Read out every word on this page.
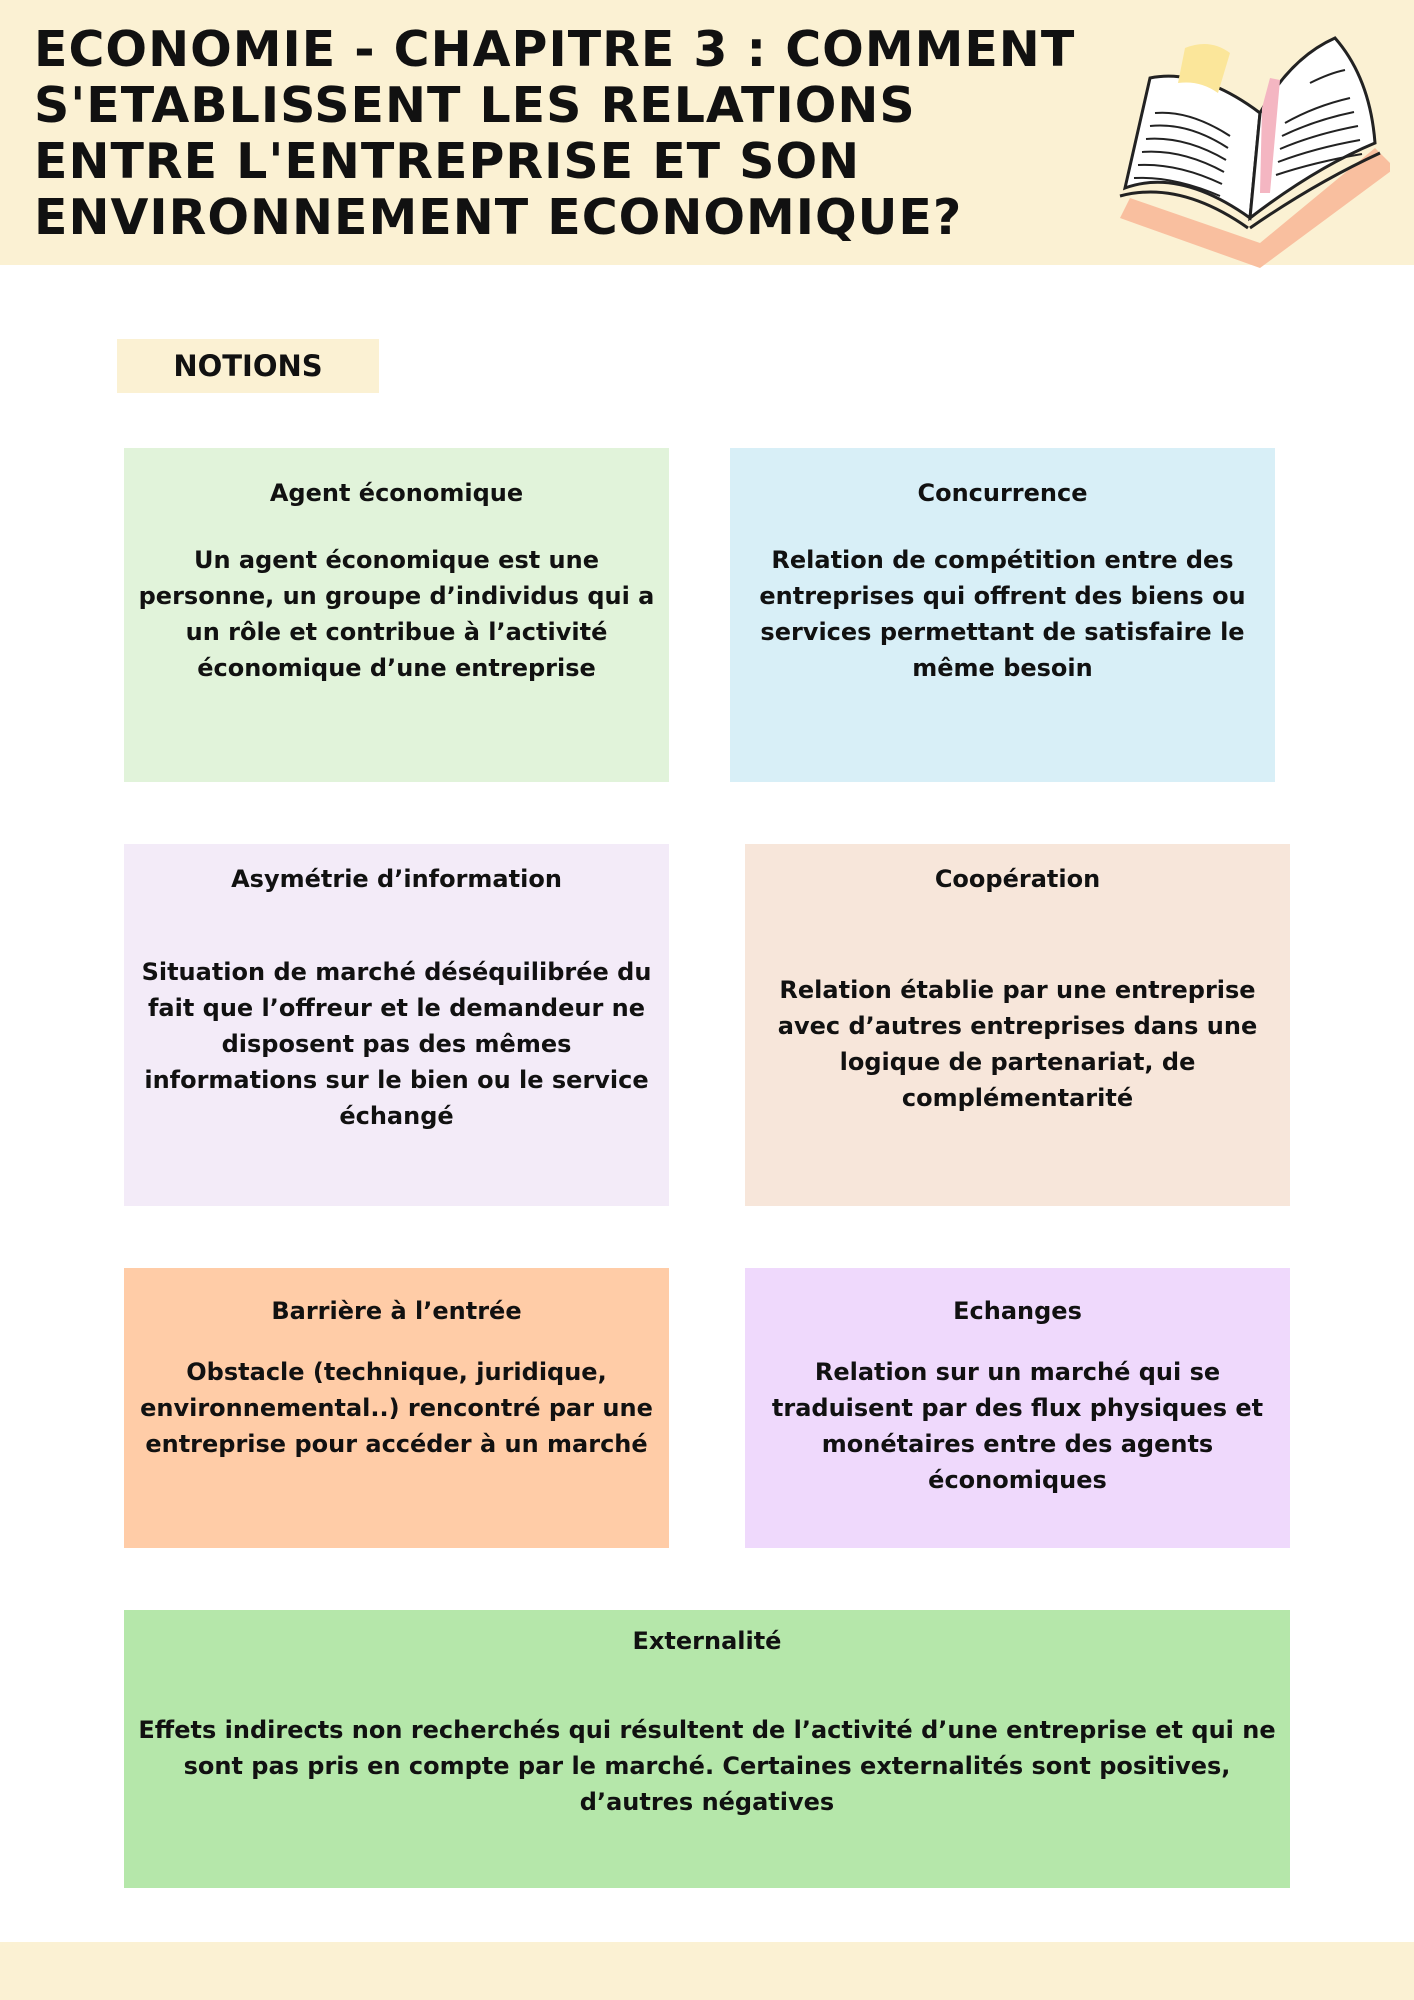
ECONOMIE - CHAPITRE 3 : COMMENT S'ETABLISSENT LES RELATIONS ENTRE L'ENTREPRISE ET SON ENVIRONNEMENT ECONOMIQUE?
NOTIONS
Agent économique
Un agent économique est une personne, un groupe d’individus qui a un rôle et contribue à l’activité économique d’une entreprise
Concurrence
Relation de compétition entre des entreprises qui offrent des biens ou services permettant de satisfaire le même besoin
Asymétrie d’information
Situation de marché déséquilibrée du fait que l’offreur et le demandeur ne disposent pas des mêmes informations sur le bien ou le service échangé
Coopération
Relation établie par une entreprise avec d’autres entreprises dans une logique de partenariat, de complémentarité
Barrière à l’entrée
Obstacle (technique, juridique, environnemental..) rencontré par une entreprise pour accéder à un marché
Echanges
Relation sur un marché qui se traduisent par des flux physiques et monétaires entre des agents économiques
Externalité
Effets indirects non recherchés qui résultent de l’activité d’une entreprise et qui ne sont pas pris en compte par le marché. Certaines externalités sont positives, d’autres négatives
